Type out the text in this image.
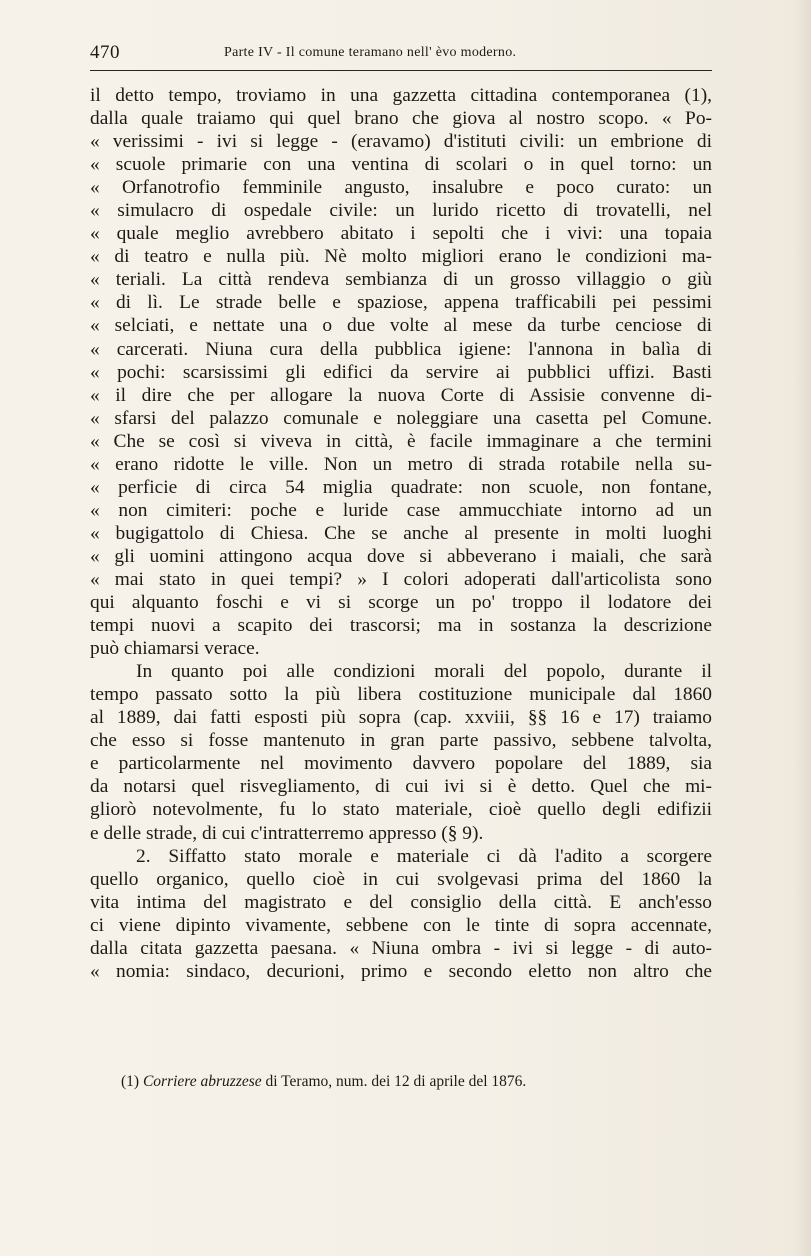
470	Parte IV - Il comune teramano nell' èvo moderno.
il detto tempo, troviamo in una gazzetta cittadina contemporanea (1),
dalla quale traiamo qui quel brano che giova al nostro scopo. « Po-
« verissimi - ivi si legge - (eravamo) d'istituti civili: un embrione di
« scuole primarie con una ventina di scolari o in quel torno: un
« Orfanotrofio femminile angusto, insalubre e poco curato: un
« simulacro di ospedale civile: un lurido ricetto di trovatelli, nel
« quale meglio avrebbero abitato i sepolti che i vivi: una topaia
« di teatro e nulla più. Nè molto migliori erano le condizioni ma-
« teriali. La città rendeva sembianza di un grosso villaggio o giù
« di lì. Le strade belle e spaziose, appena trafficabili pei pessimi
« selciati, e nettate una o due volte al mese da turbe cenciose di
« carcerati. Niuna cura della pubblica igiene: l'annona in balìa di
« pochi: scarsissimi gli edifici da servire ai pubblici uffizi. Basti
« il dire che per allogare la nuova Corte di Assisie convenne di-
« sfarsi del palazzo comunale e noleggiare una casetta pel Comune.
« Che se così si viveva in città, è facile immaginare a che termini
« erano ridotte le ville. Non un metro di strada rotabile nella su-
« perficie di circa 54 miglia quadrate: non scuole, non fontane,
« non cimiteri: poche e luride case ammucchiate intorno ad un
« bugigattolo di Chiesa. Che se anche al presente in molti luoghi
« gli uomini attingono acqua dove si abbeverano i maiali, che sarà
« mai stato in quei tempi? » I colori adoperati dall'articolista sono
qui alquanto foschi e vi si scorge un po' troppo il lodatore dei
tempi nuovi a scapito dei trascorsi; ma in sostanza la descrizione
può chiamarsi verace.
In quanto poi alle condizioni morali del popolo, durante il
tempo passato sotto la più libera costituzione municipale dal 1860
al 1889, dai fatti esposti più sopra (cap. xxviii, §§ 16 e 17) traiamo
che esso si fosse mantenuto in gran parte passivo, sebbene talvolta,
e particolarmente nel movimento davvero popolare del 1889, sia
da notarsi quel risvegliamento, di cui ivi si è detto. Quel che mi-
gliorò notevolmente, fu lo stato materiale, cioè quello degli edifizii
e delle strade, di cui c'intratterremo appresso (§ 9).
2. Siffatto stato morale e materiale ci dà l'adito a scorgere
quello organico, quello cioè in cui svolgevasi prima del 1860 la
vita intima del magistrato e del consiglio della città. E anch'esso
ci viene dipinto vivamente, sebbene con le tinte di sopra accennate,
dalla citata gazzetta paesana. « Niuna ombra - ivi si legge - di auto-
« nomia: sindaco, decurioni, primo e secondo eletto non altro che
(1) Corriere abruzzese di Teramo, num. dei 12 di aprile del 1876.
